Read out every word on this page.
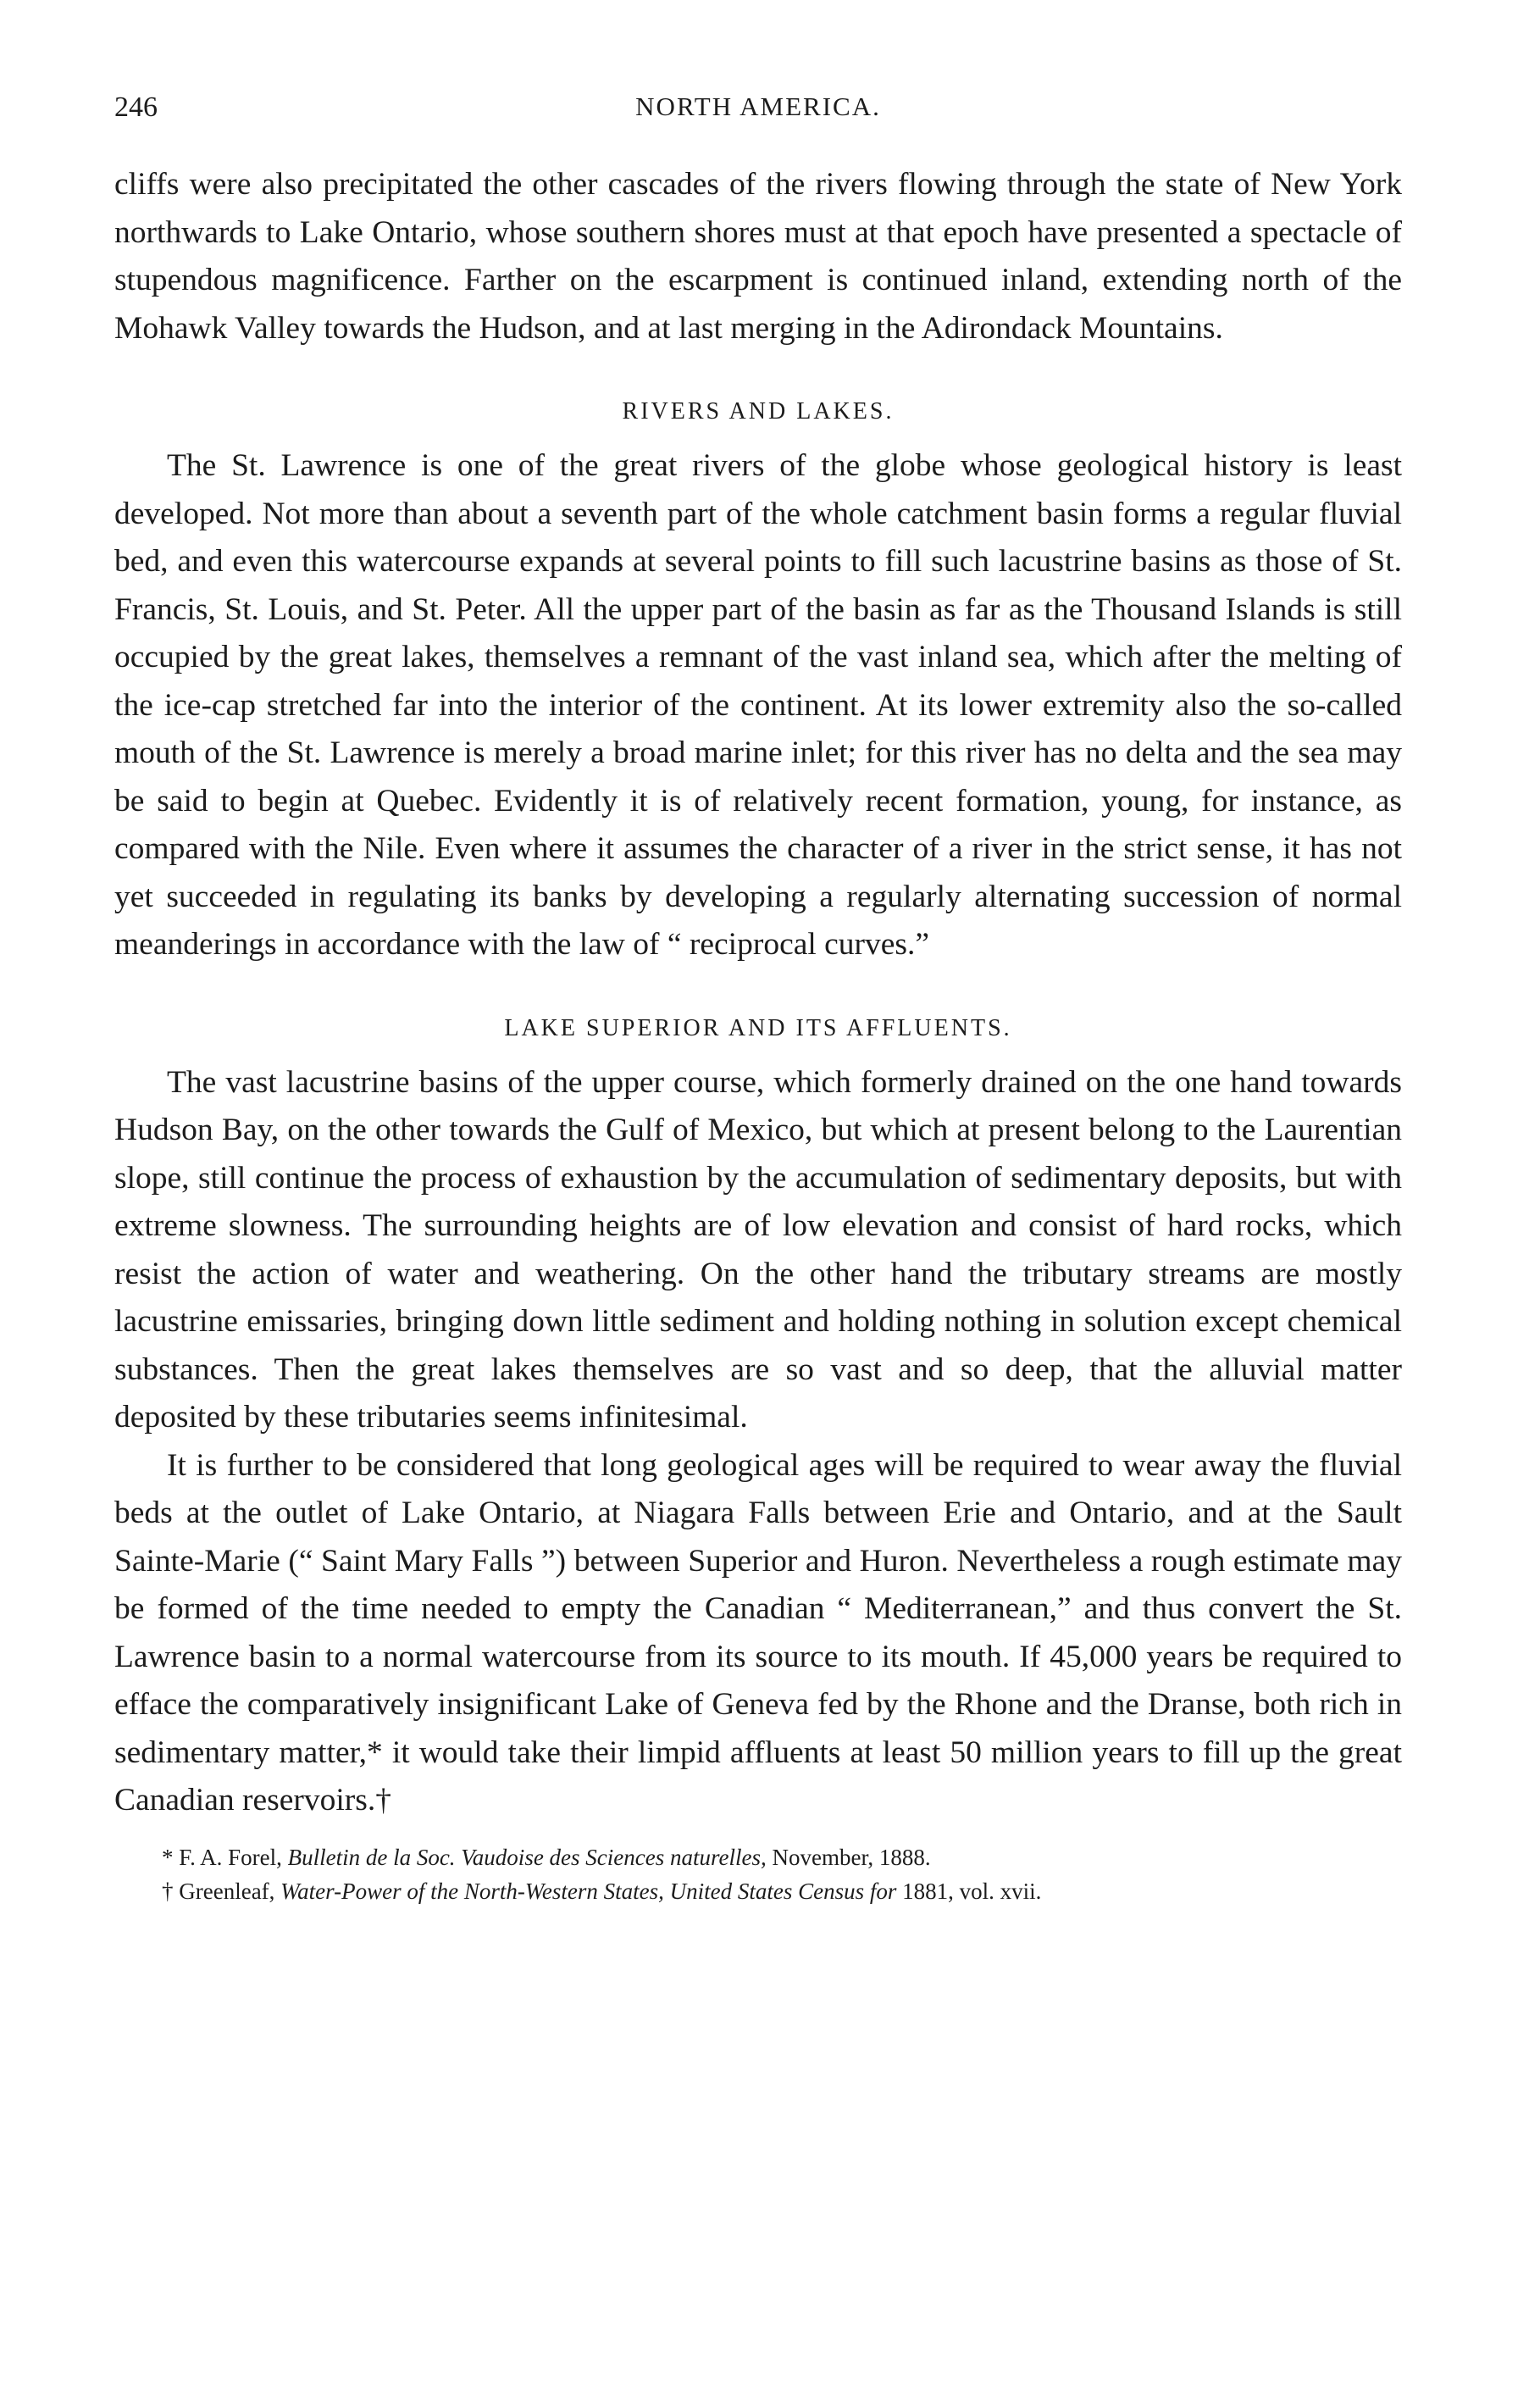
246	NORTH AMERICA.

cliffs were also precipitated the other cascades of the rivers flowing through the state of New York northwards to Lake Ontario, whose southern shores must at that epoch have presented a spectacle of stupendous magnificence. Farther on the escarpment is continued inland, extending north of the Mohawk Valley towards the Hudson, and at last merging in the Adirondack Mountains.

RIVERS AND LAKES.

The St. Lawrence is one of the great rivers of the globe whose geological history is least developed. Not more than about a seventh part of the whole catchment basin forms a regular fluvial bed, and even this watercourse expands at several points to fill such lacustrine basins as those of St. Francis, St. Louis, and St. Peter. All the upper part of the basin as far as the Thousand Islands is still occupied by the great lakes, themselves a remnant of the vast inland sea, which after the melting of the ice-cap stretched far into the interior of the continent. At its lower extremity also the so-called mouth of the St. Lawrence is merely a broad marine inlet; for this river has no delta and the sea may be said to begin at Quebec. Evidently it is of relatively recent formation, young, for instance, as compared with the Nile. Even where it assumes the character of a river in the strict sense, it has not yet succeeded in regulating its banks by developing a regularly alternating succession of normal meanderings in accordance with the law of “ reciprocal curves.”

LAKE SUPERIOR AND ITS AFFLUENTS.

The vast lacustrine basins of the upper course, which formerly drained on the one hand towards Hudson Bay, on the other towards the Gulf of Mexico, but which at present belong to the Laurentian slope, still continue the process of exhaustion by the accumulation of sedimentary deposits, but with extreme slowness. The surrounding heights are of low elevation and consist of hard rocks, which resist the action of water and weathering. On the other hand the tributary streams are mostly lacustrine emissaries, bringing down little sediment and holding nothing in solution except chemical substances. Then the great lakes themselves are so vast and so deep, that the alluvial matter deposited by these tributaries seems infinitesimal.

It is further to be considered that long geological ages will be required to wear away the fluvial beds at the outlet of Lake Ontario, at Niagara Falls between Erie and Ontario, and at the Sault Sainte-Marie (“ Saint Mary Falls ”) between Superior and Huron. Nevertheless a rough estimate may be formed of the time needed to empty the Canadian “ Mediterranean,” and thus convert the St. Lawrence basin to a normal watercourse from its source to its mouth. If 45,000 years be required to efface the comparatively insignificant Lake of Geneva fed by the Rhone and the Dranse, both rich in sedimentary matter,* it would take their limpid affluents at least 50 million years to fill up the great Canadian reservoirs.†

* F. A. Forel, Bulletin de la Soc. Vaudoise des Sciences naturelles, November, 1888.

† Greenleaf, Water-Power of the North-Western States, United States Census for 1881, vol. xvii.
